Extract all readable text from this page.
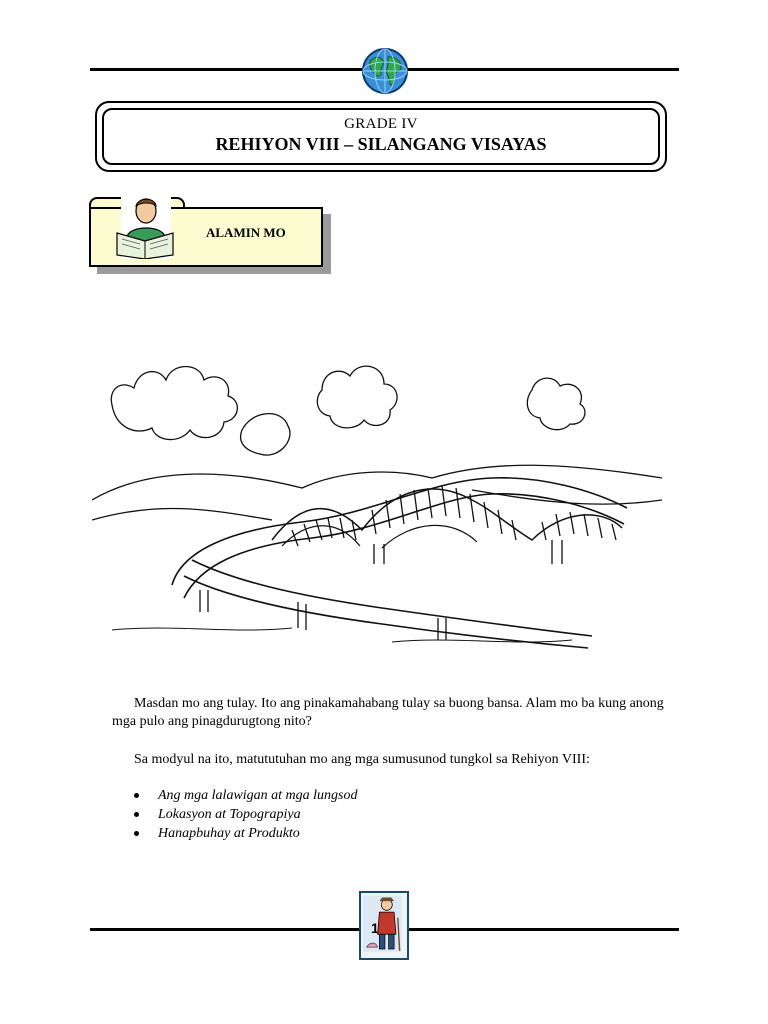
GRADE IV
REHIYON VIII – SILANGANG VISAYAS
ALAMIN MO
Masdan mo ang tulay. Ito ang pinakamahabang tulay sa buong bansa. Alam mo ba kung anong mga pulo ang pinagdurugtong nito?
Sa modyul na ito, matututuhan mo ang mga sumusunod tungkol sa Rehiyon VIII:
Ang mga lalawigan at mga lungsod
Lokasyon at Topograpiya
Hanapbuhay at Produkto
1
